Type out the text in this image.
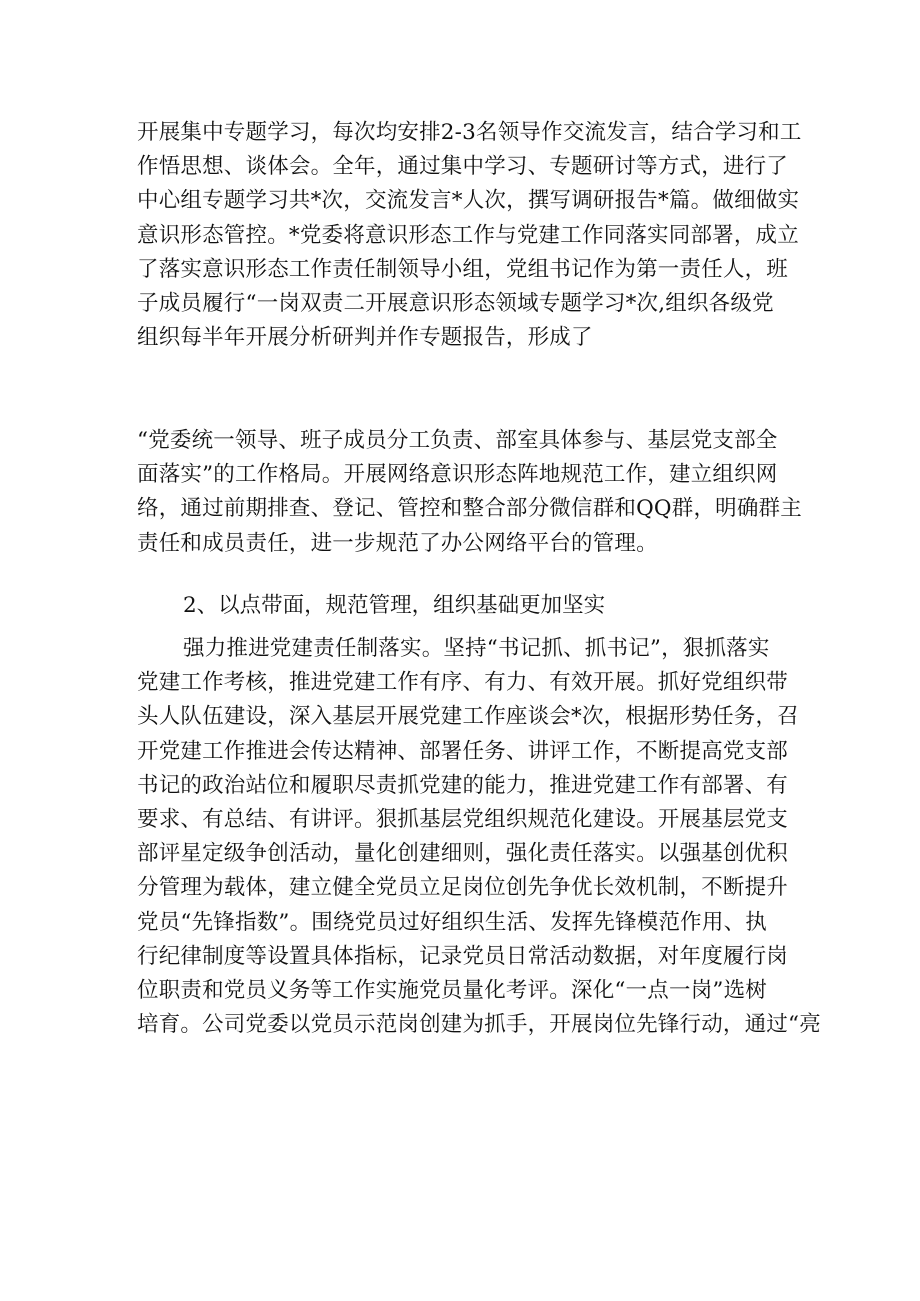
开展集中专题学习，每次均安排2-3名领导作交流发言，结合学习和工
作悟思想、谈体会。全年，通过集中学习、专题研讨等方式，进行了
中心组专题学习共*次，交流发言*人次，撰写调研报告*篇。做细做实
意识形态管控。*党委将意识形态工作与党建工作同落实同部署，成立
了落实意识形态工作责任制领导小组，党组书记作为第一责任人，班
子成员履行“一岗双责二开展意识形态领域专题学习*次,组织各级党
组织每半年开展分析研判并作专题报告，形成了
“党委统一领导、班子成员分工负责、部室具体参与、基层党支部全
面落实”的工作格局。开展网络意识形态阵地规范工作，建立组织网
络，通过前期排查、登记、管控和整合部分微信群和QQ群，明确群主
责任和成员责任，进一步规范了办公网络平台的管理。

2、以点带面，规范管理，组织基础更加坚实

强力推进党建责任制落实。坚持“书记抓、抓书记”，狠抓落实
党建工作考核，推进党建工作有序、有力、有效开展。抓好党组织带
头人队伍建设，深入基层开展党建工作座谈会*次，根据形势任务，召
开党建工作推进会传达精神、部署任务、讲评工作，不断提高党支部
书记的政治站位和履职尽责抓党建的能力，推进党建工作有部署、有
要求、有总结、有讲评。狠抓基层党组织规范化建设。开展基层党支
部评星定级争创活动，量化创建细则，强化责任落实。以强基创优积
分管理为载体，建立健全党员立足岗位创先争优长效机制，不断提升
党员“先锋指数”。围绕党员过好组织生活、发挥先锋模范作用、执
行纪律制度等设置具体指标，记录党员日常活动数据，对年度履行岗
位职责和党员义务等工作实施党员量化考评。深化“一点一岗”选树
培育。公司党委以党员示范岗创建为抓手，开展岗位先锋行动，通过“亮
